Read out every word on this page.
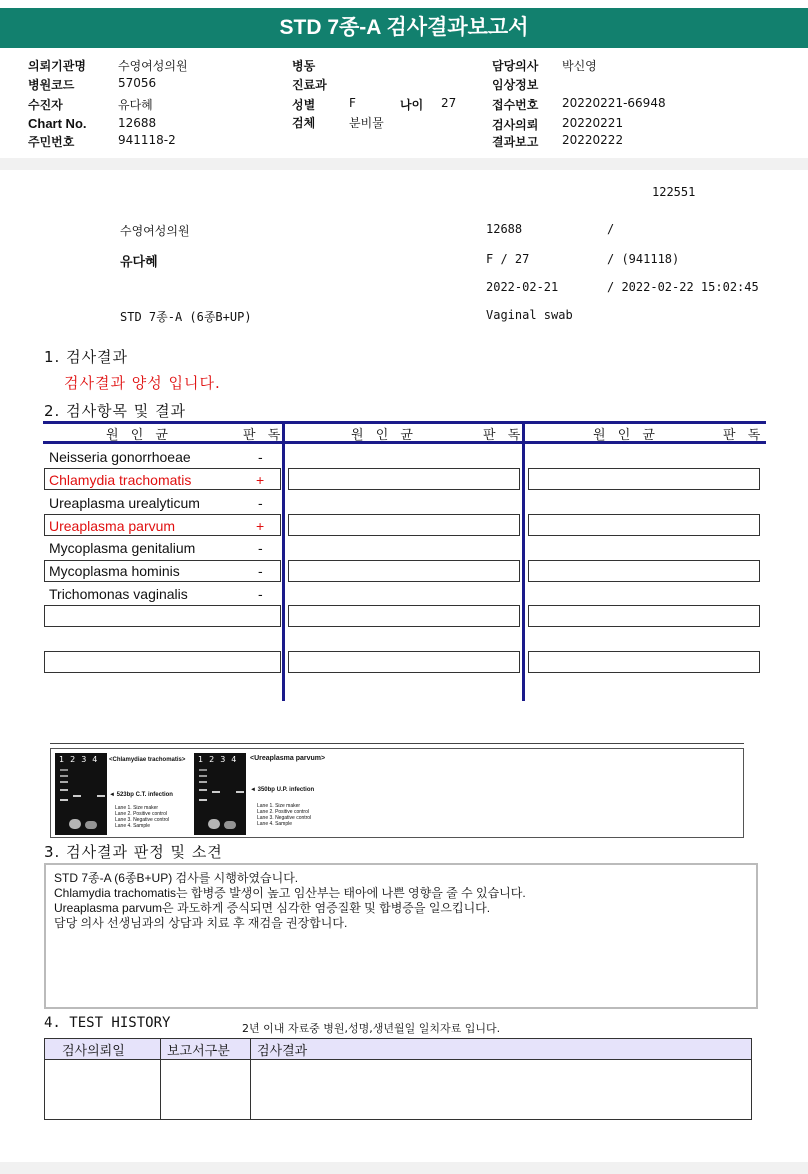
STD 7종-A 검사결과보고서
의뢰기관명	수영여성의원
병원코드	57056
수진자	유다혜
Chart No.	12688
주민번호	941118-2
병동
진료과
성별	F	나이 27
검체	분비물
담당의사 박신영
임상정보
접수번호 20220221-66948
검사의뢰 20220221
결과보고 20220222
122551
수영여성의원	12688	/
유다혜	F / 27	/ (941118)
2022-02-21	/ 2022-02-22 15:02:45
STD 7종-A (6종B+UP)	Vaginal swab
1. 검사결과
검사결과 양성 입니다.
2. 검사항목 및 결과
원 인 균	판 독	원 인 균	판 독	원 인 균	판 독
Neisseria gonorrhoeae	-
Chlamydia trachomatis	+
Ureaplasma urealyticum	-
Ureaplasma parvum	+
Mycoplasma genitalium	-
Mycoplasma hominis	-
Trichomonas vaginalis	-
1234 <Chlamydiae trachomatis>
◄ 523bp C.T. infection
Lane 1. Size maker
Lane 2. Positive control
Lane 3. Negative control
Lane 4. Sample
1234 <Ureaplasma parvum>
◄ 350bp U.P. infection
Lane 1. Size maker
Lane 2. Positive control
Lane 3. Negative control
Lane 4. Sample
3. 검사결과 판정 및 소견
STD 7종-A (6종B+UP) 검사를 시행하였습니다.
Chlamydia trachomatis는 합병증 발생이 높고 임산부는 태아에 나쁜 영향을 줄 수 있습니다.
Ureaplasma parvum은 과도하게 증식되면 심각한 염증질환 및 합병증을 일으킵니다.
담당 의사 선생님과의 상담과 치료 후 재검을 권장합니다.
4. TEST HISTORY	2년 이내 자료중 병원,성명,생년월일 일치자료 입니다.
검사의뢰일	보고서구분	검사결과
